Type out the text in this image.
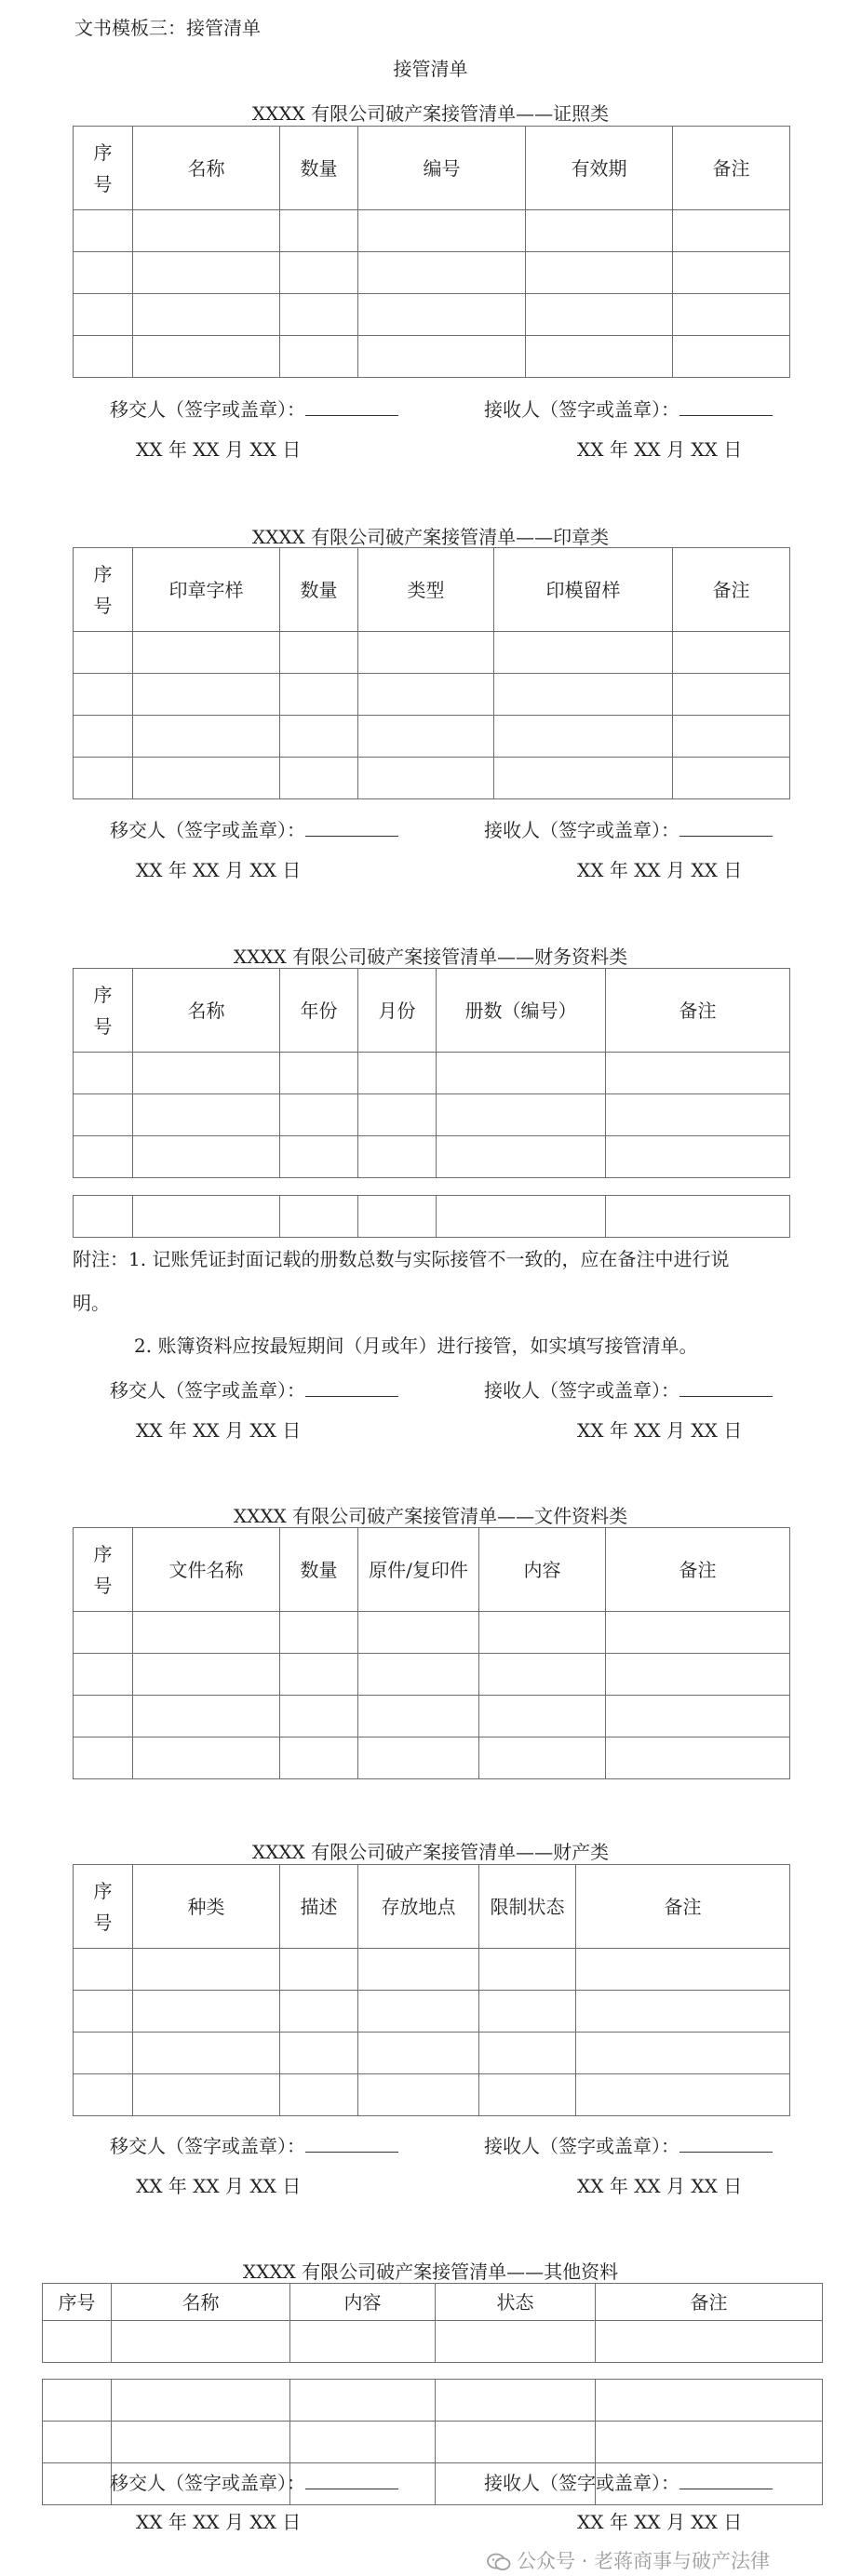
文书模板三：接管清单
接管清单
XXXX 有限公司破产案接管清单——证照类
序号	名称	数量	编号	有效期	备注

移交人（签字或盖章）：	接收人（签字或盖章）：
XX 年 XX 月 XX 日	XX 年 XX 月 XX 日
XXXX 有限公司破产案接管清单——印章类
序号	印章字样	数量	类型	印模留样	备注

移交人（签字或盖章）：	接收人（签字或盖章）：
XX 年 XX 月 XX 日	XX 年 XX 月 XX 日
XXXX 有限公司破产案接管清单——财务资料类
序号	名称	年份	月份	册数（编号）	备注

附注：1. 记账凭证封面记载的册数总数与实际接管不一致的，应在备注中进行说
明。
2. 账簿资料应按最短期间（月或年）进行接管，如实填写接管清单。
移交人（签字或盖章）：	接收人（签字或盖章）：
XX 年 XX 月 XX 日	XX 年 XX 月 XX 日
XXXX 有限公司破产案接管清单——文件资料类
序号	文件名称	数量	原件/复印件	内容	备注

XXXX 有限公司破产案接管清单——财产类
序号	种类	描述	存放地点	限制状态	备注

移交人（签字或盖章）：	接收人（签字或盖章）：
XX 年 XX 月 XX 日	XX 年 XX 月 XX 日
XXXX 有限公司破产案接管清单——其他资料
序号	名称	内容	状态	备注

移交人（签字或盖章）：	接收人（签字或盖章）：
XX 年 XX 月 XX 日	XX 年 XX 月 XX 日
公众号 · 老蒋商事与破产法律
